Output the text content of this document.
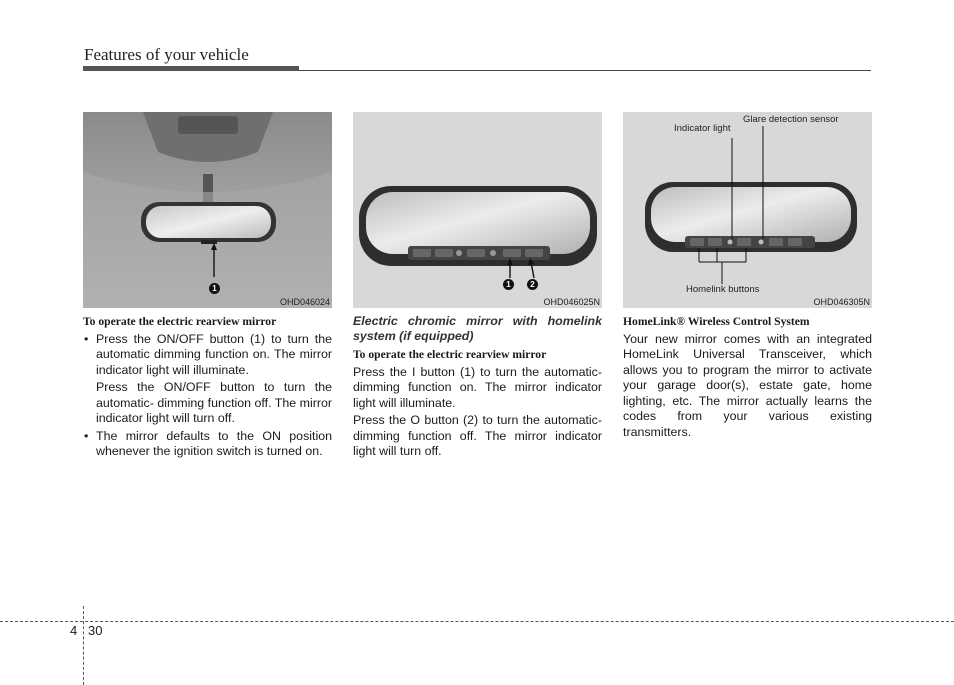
Features of your vehicle
1
OHD046024
To operate the electric rearview mirror
• Press the ON/OFF button (1) to turn the automatic dimming function on. The mirror indicator light will illuminate.
Press the ON/OFF button to turn the automatic- dimming function off. The mirror indicator light will turn off.
• The mirror defaults to the ON position whenever the ignition switch is turned on.
1	2
OHD046025N
Electric chromic mirror with homelink system (if equipped)
To operate the electric rearview mirror
Press the I button (1) to turn the automatic- dimming function on. The mirror indicator light will illuminate.
Press the O button (2) to turn the automatic- dimming function off. The mirror indicator light will turn off.
Indicator light
Glare detection sensor
Homelink buttons
OHD046305N
HomeLink® Wireless Control System
Your new mirror comes with an integrated HomeLink Universal Transceiver, which allows you to program the mirror to activate your garage door(s), estate gate, home lighting, etc. The mirror actually learns the codes from your various existing transmitters.
4 30
